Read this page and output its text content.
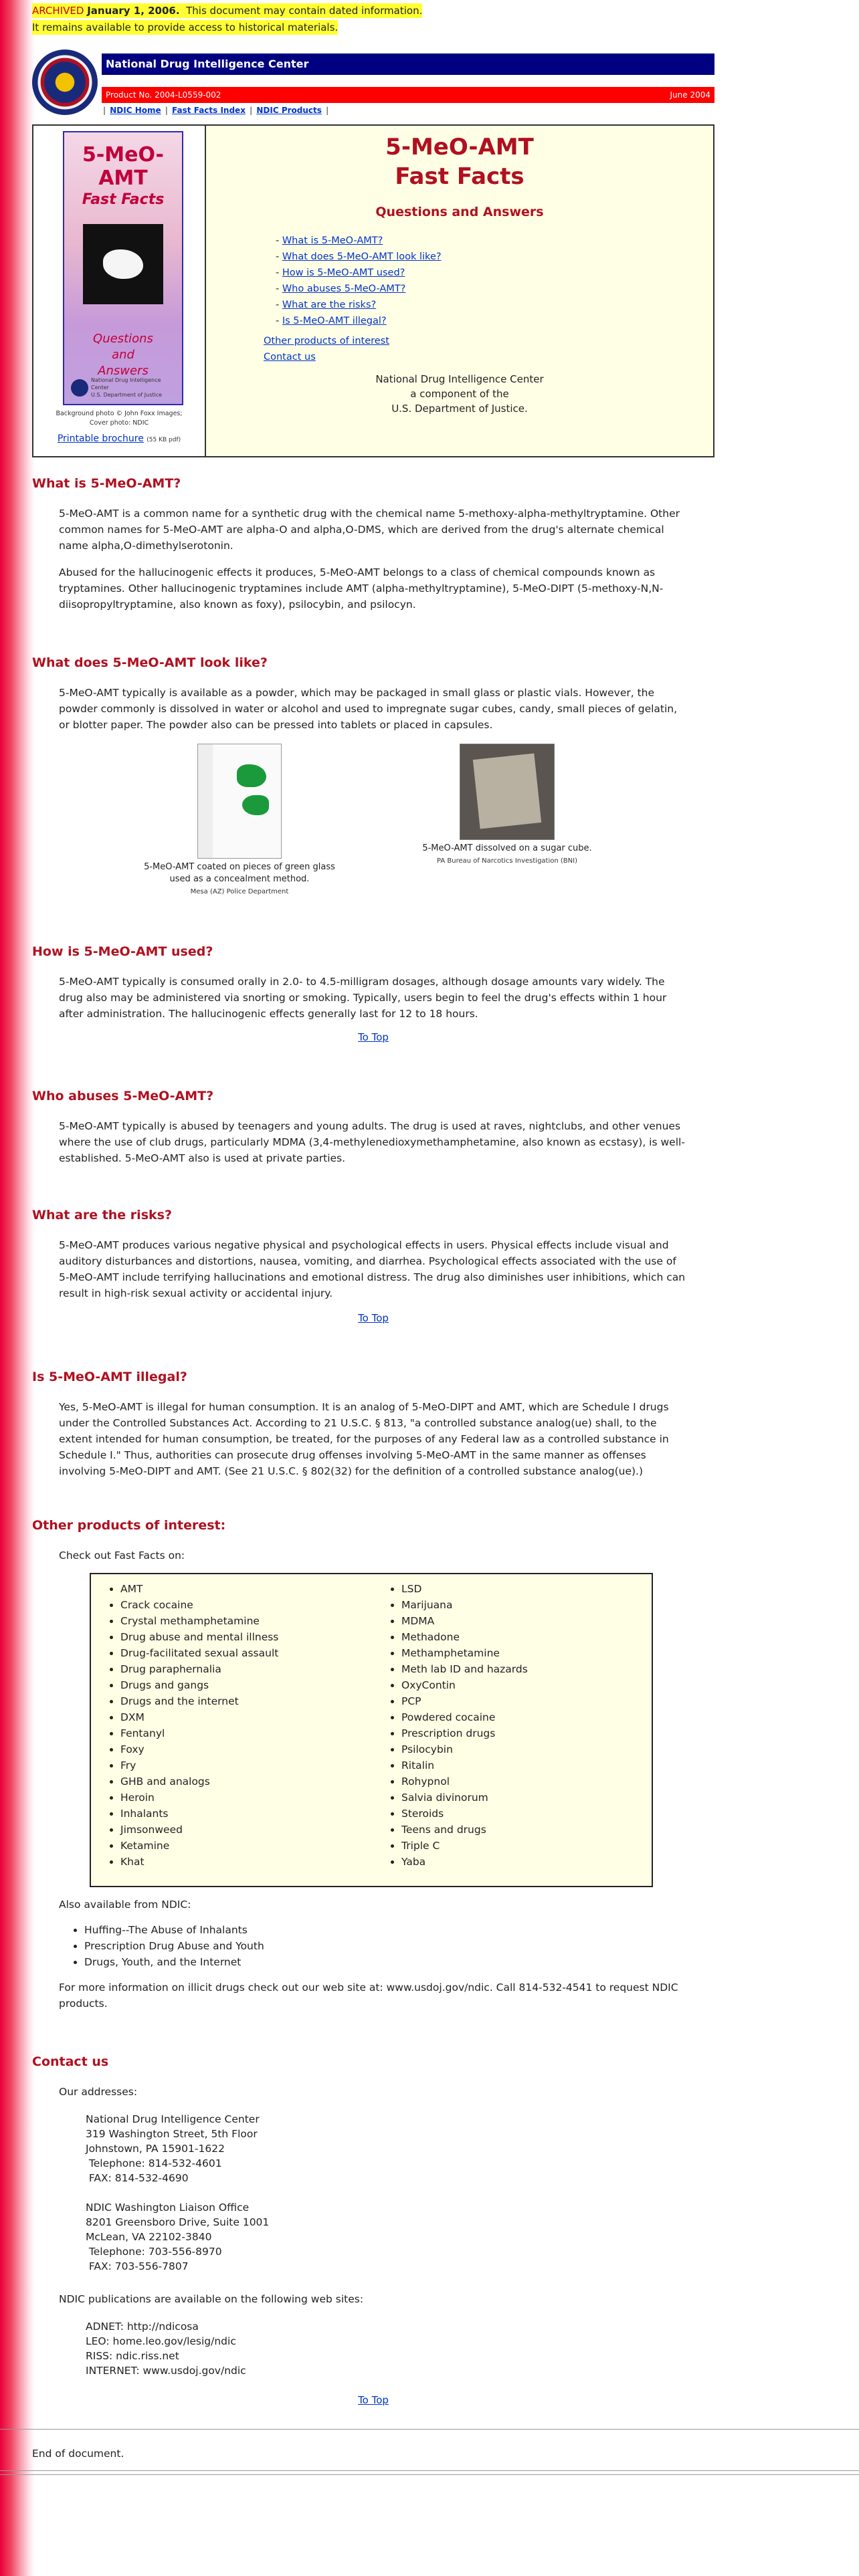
ARCHIVED January 1, 2006. This document may contain dated information.
It remains available to provide access to historical materials.
National Drug Intelligence Center
Product No. 2004-L0559-002	June 2004
| NDIC Home | Fast Facts Index | NDIC Products |
5-MeO-AMT
Fast Facts
Questions
and
Answers
National Drug Intelligence Center
U.S. Department of Justice
Background photo © John Foxx Images;
Cover photo: NDIC
Printable brochure (55 KB pdf)
5-MeO-AMT
Fast Facts
Questions and Answers
- What is 5-MeO-AMT?
- What does 5-MeO-AMT look like?
- How is 5-MeO-AMT used?
- Who abuses 5-MeO-AMT?
- What are the risks?
- Is 5-MeO-AMT illegal?
Other products of interest
Contact us
National Drug Intelligence Center
a component of the
U.S. Department of Justice.
What is 5-MeO-AMT?

5-MeO-AMT is a common name for a synthetic drug with the chemical name 5-methoxy-alpha-methyltryptamine. Other common names for 5-MeO-AMT are alpha-O and alpha,O-DMS, which are derived from the drug's alternate chemical name alpha,O-dimethylserotonin.

Abused for the hallucinogenic effects it produces, 5-MeO-AMT belongs to a class of chemical compounds known as tryptamines. Other hallucinogenic tryptamines include AMT (alpha-methyltryptamine), 5-MeO-DIPT (5-methoxy-N,N-diisopropyltryptamine, also known as foxy), psilocybin, and psilocyn.

What does 5-MeO-AMT look like?

5-MeO-AMT typically is available as a powder, which may be packaged in small glass or plastic vials. However, the powder commonly is dissolved in water or alcohol and used to impregnate sugar cubes, candy, small pieces of gelatin, or blotter paper. The powder also can be pressed into tablets or placed in capsules.

5-MeO-AMT coated on pieces of green glass used as a concealment method.
Mesa (AZ) Police Department
5-MeO-AMT dissolved on a sugar cube.
PA Bureau of Narcotics Investigation (BNI)
How is 5-MeO-AMT used?

5-MeO-AMT typically is consumed orally in 2.0- to 4.5-milligram dosages, although dosage amounts vary widely. The drug also may be administered via snorting or smoking. Typically, users begin to feel the drug's effects within 1 hour after administration. The hallucinogenic effects generally last for 12 to 18 hours.

To Top
Who abuses 5-MeO-AMT?

5-MeO-AMT typically is abused by teenagers and young adults. The drug is used at raves, nightclubs, and other venues where the use of club drugs, particularly MDMA (3,4-methylenedioxymethamphetamine, also known as ecstasy), is well-established. 5-MeO-AMT also is used at private parties.

What are the risks?

5-MeO-AMT produces various negative physical and psychological effects in users. Physical effects include visual and auditory disturbances and distortions, nausea, vomiting, and diarrhea. Psychological effects associated with the use of 5-MeO-AMT include terrifying hallucinations and emotional distress. The drug also diminishes user inhibitions, which can result in high-risk sexual activity or accidental injury.

To Top
Is 5-MeO-AMT illegal?

Yes, 5-MeO-AMT is illegal for human consumption. It is an analog of 5-MeO-DIPT and AMT, which are Schedule I drugs under the Controlled Substances Act. According to 21 U.S.C. § 813, "a controlled substance analog(ue) shall, to the extent intended for human consumption, be treated, for the purposes of any Federal law as a controlled substance in Schedule I." Thus, authorities can prosecute drug offenses involving 5-MeO-AMT in the same manner as offenses involving 5-MeO-DIPT and AMT. (See 21 U.S.C. § 802(32) for the definition of a controlled substance analog(ue).)

Other products of interest:

Check out Fast Facts on:

• AMT
• Crack cocaine
• Crystal methamphetamine
• Drug abuse and mental illness
• Drug-facilitated sexual assault
• Drug paraphernalia
• Drugs and gangs
• Drugs and the internet
• DXM
• Fentanyl
• Foxy
• Fry
• GHB and analogs
• Heroin
• Inhalants
• Jimsonweed
• Ketamine
• Khat
• LSD
• Marijuana
• MDMA
• Methadone
• Methamphetamine
• Meth lab ID and hazards
• OxyContin
• PCP
• Powdered cocaine
• Prescription drugs
• Psilocybin
• Ritalin
• Rohypnol
• Salvia divinorum
• Steroids
• Teens and drugs
• Triple C
• Yaba

Also available from NDIC:

• Huffing--The Abuse of Inhalants
• Prescription Drug Abuse and Youth
• Drugs, Youth, and the Internet

For more information on illicit drugs check out our web site at: www.usdoj.gov/ndic. Call 814-532-4541 to request NDIC products.

Contact us

Our addresses:

National Drug Intelligence Center
319 Washington Street, 5th Floor
Johnstown, PA 15901-1622
Telephone: 814-532-4601
FAX: 814-532-4690
NDIC Washington Liaison Office
8201 Greensboro Drive, Suite 1001
McLean, VA 22102-3840
Telephone: 703-556-8970
FAX: 703-556-7807

NDIC publications are available on the following web sites:

ADNET: http://ndicosa
LEO: home.leo.gov/lesig/ndic
RISS: ndic.riss.net
INTERNET: www.usdoj.gov/ndic
To Top
End of document.
